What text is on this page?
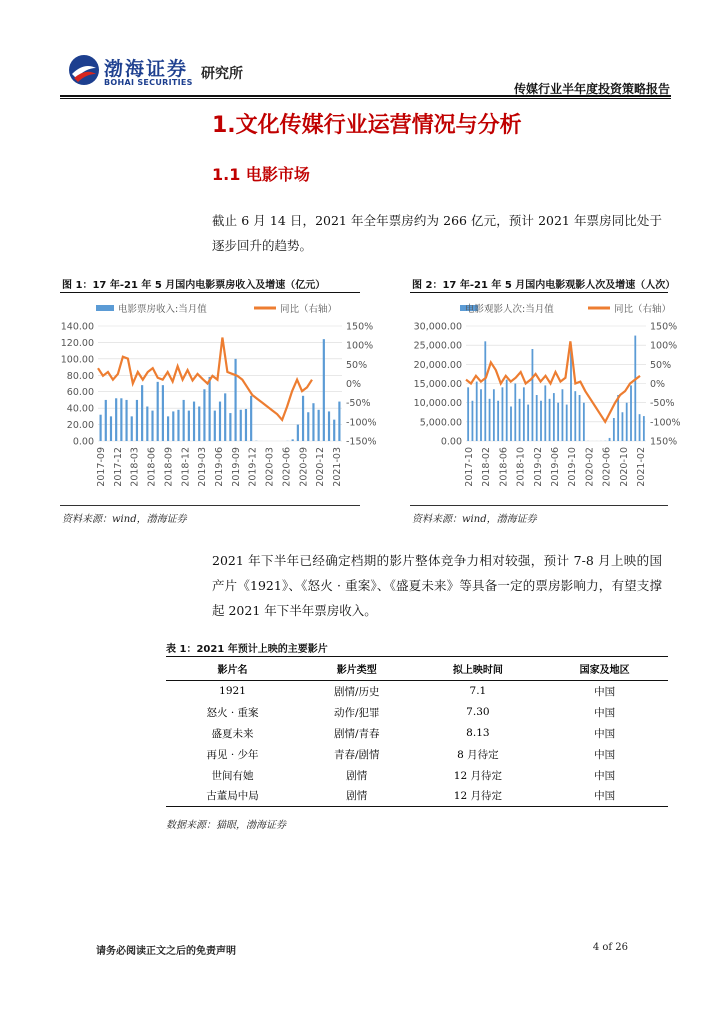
渤海证券
BOHAI SECURITIES
研究所
传媒行业半年度投资策略报告
1.文化传媒行业运营情况与分析
1.1 电影市场
截止 6 月 14 日，2021 年全年票房约为 266 亿元，预计 2021 年票房同比处于逐步回升的趋势。
图 1：17 年-21 年 5 月国内电影票房收入及增速（亿元）	图 2：17 年-21 年 5 月国内电影观影人次及增速（人次）
电影票房收入:当月值	同比（右轴）
0.00
20.00
40.00
60.00
80.00
100.00
120.00
140.00	150%
100%
50%
0%
-50%
-100%
-150%
2017-09 2017-12 2018-03 2018-06 2018-09 2018-12 2019-03 2019-06 2019-09 2019-12 2020-03 2020-06 2020-09 2020-12 2021-03
资料来源：wind，渤海证券
电影观影人次:当月值	同比（右轴）
0.00
5,000.00
10,000.00
15,000.00
20,000.00
25,000.00
30,000.00	150%
100%
50%
0%
-50%
-100%
150%
2017-10 2018-02 2018-06 2018-10 2019-02 2019-06 2019-10 2020-02 2020-06 2020-10 2021-02
资料来源：wind，渤海证券
2021 年下半年已经确定档期的影片整体竞争力相对较强，预计 7-8 月上映的国产片《1921》、《怒火 · 重案》、《盛夏未来》等具备一定的票房影响力，有望支撑起 2021 年下半年票房收入。
表 1：2021 年预计上映的主要影片
影片名	影片类型	拟上映时间	国家及地区
1921	剧情/历史	7.1	中国
怒火 · 重案	动作/犯罪	7.30	中国
盛夏未来	剧情/青春	8.13	中国
再见 · 少年	青春/剧情	8 月待定	中国
世间有她	剧情	12 月待定	中国
古董局中局	剧情	12 月待定	中国
数据来源：猫眼，渤海证券
请务必阅读正文之后的免责声明	4 of 26
